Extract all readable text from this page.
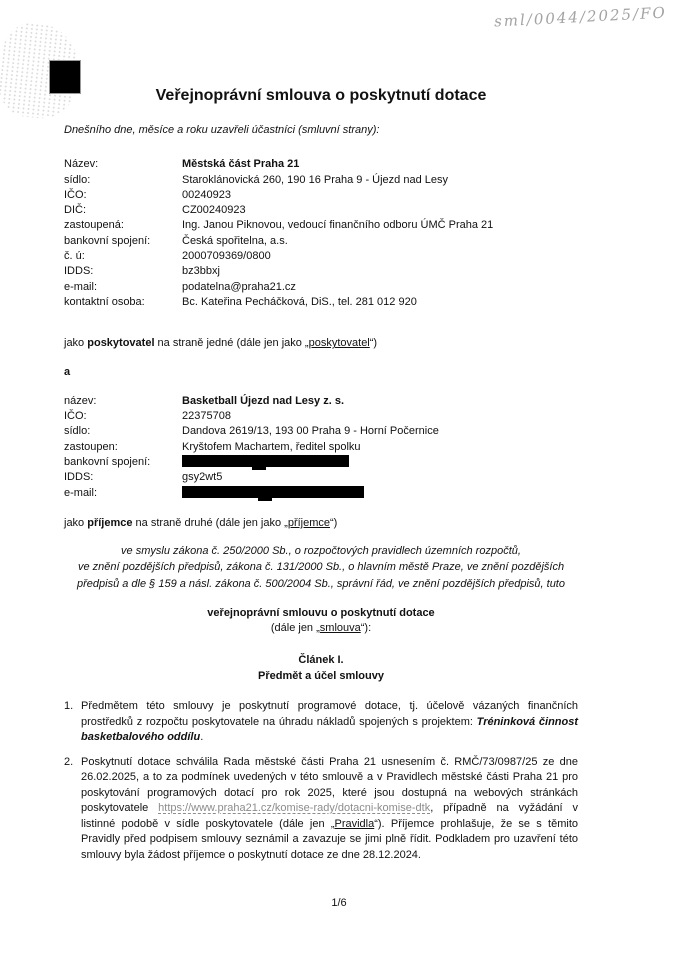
sml/0044/2025/FO
Veřejnoprávní smlouva o poskytnutí dotace
Dnešního dne, měsíce a roku uzavřeli účastníci (smluvní strany):
Název:	Městská část Praha 21
sídlo:	Staroklánovická 260, 190 16 Praha 9 - Újezd nad Lesy
IČO:	00240923
DIČ:	CZ00240923
zastoupená:	Ing. Janou Piknovou, vedoucí finančního odboru ÚMČ Praha 21
bankovní spojení:	Česká spořitelna, a.s.
č. ú:	2000709369/0800
IDDS:	bz3bbxj
e-mail:	podatelna@praha21.cz
kontaktní osoba:	Bc. Kateřina Pecháčková, DiS., tel. 281 012 920
jako poskytovatel na straně jedné (dále jen jako „poskytovatel“)
a
název:	Basketball Újezd nad Lesy z. s.
IČO:	22375708
sídlo:	Dandova 2619/13, 193 00 Praha 9 - Horní Počernice
zastoupen:	Kryštofem Machartem, ředitel spolku
bankovní spojení:
IDDS:	gsy2wt5
e-mail:
jako příjemce na straně druhé (dále jen jako „příjemce“)
ve smyslu zákona č. 250/2000 Sb., o rozpočtových pravidlech územních rozpočtů,
ve znění pozdějších předpisů, zákona č. 131/2000 Sb., o hlavním městě Praze, ve znění pozdějších
předpisů a dle § 159 a násl. zákona č. 500/2004 Sb., správní řád, ve znění pozdějších předpisů, tuto
veřejnoprávní smlouvu o poskytnutí dotace
(dále jen „smlouva“):
Článek I.
Předmět a účel smlouvy
1. Předmětem této smlouvy je poskytnutí programové dotace, tj. účelově vázaných finančních prostředků z rozpočtu poskytovatele na úhradu nákladů spojených s projektem: Tréninková činnost basketbalového oddílu.
2. Poskytnutí dotace schválila Rada městské části Praha 21 usnesením č. RMČ/73/0987/25 ze dne 26.02.2025, a to za podmínek uvedených v této smlouvě a v Pravidlech městské části Praha 21 pro poskytování programových dotací pro rok 2025, které jsou dostupná na webových stránkách poskytovatele https://www.praha21.cz/komise-rady/dotacni-komise-dtk, případně na vyžádání v listinné podobě v sídle poskytovatele (dále jen „Pravidla“). Příjemce prohlašuje, že se s těmito Pravidly před podpisem smlouvy seznámil a zavazuje se jimi plně řídit. Podkladem pro uzavření této smlouvy byla žádost příjemce o poskytnutí dotace ze dne 28.12.2024.
1/6
